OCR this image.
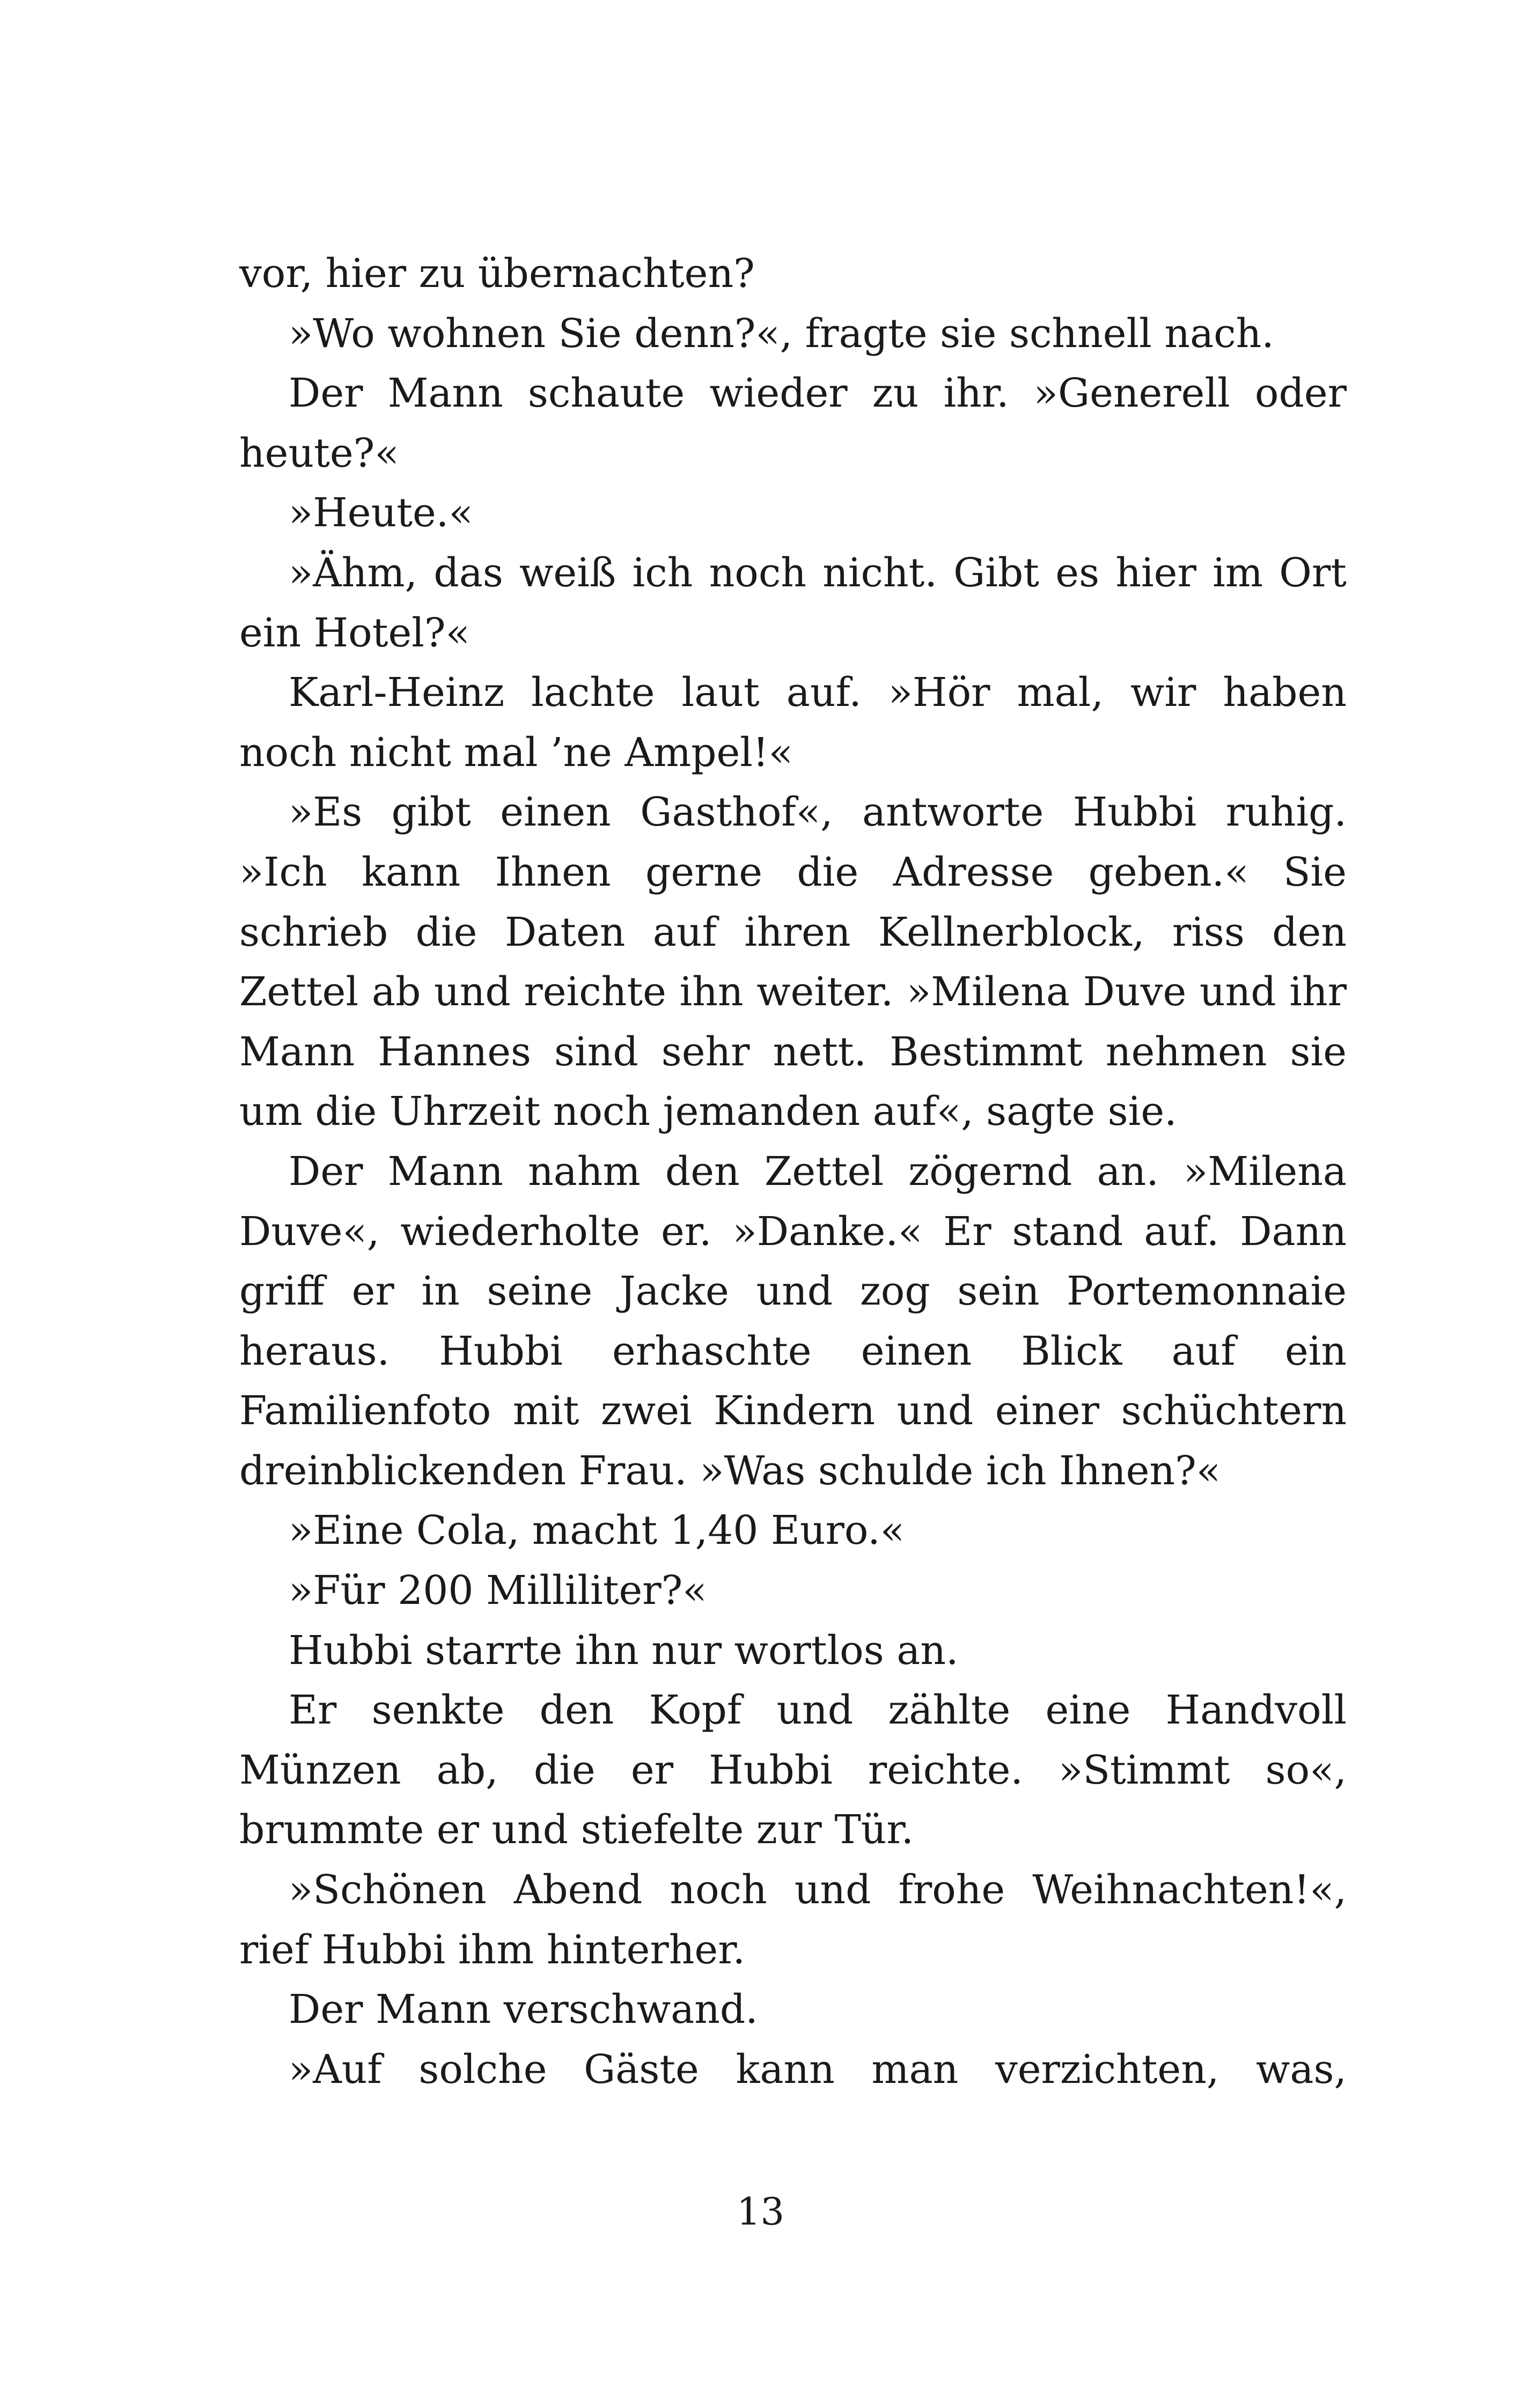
vor, hier zu übernachten?

»Wo wohnen Sie denn?«, fragte sie schnell nach.

Der Mann schaute wieder zu ihr. »Generell oder heute?«

»Heute.«

»Ähm, das weiß ich noch nicht. Gibt es hier im Ort ein Hotel?«

Karl-Heinz lachte laut auf. »Hör mal, wir haben noch nicht mal ’ne Ampel!«

»Es gibt einen Gasthof«, antworte Hubbi ruhig. »Ich kann Ihnen gerne die Adresse geben.« Sie schrieb die Daten auf ihren Kellnerblock, riss den Zettel ab und reichte ihn weiter. »Milena Duve und ihr Mann Hannes sind sehr nett. Bestimmt nehmen sie um die Uhrzeit noch jemanden auf«, sagte sie.

Der Mann nahm den Zettel zögernd an. »Milena Duve«, wiederholte er. »Danke.« Er stand auf. Dann griff er in seine Jacke und zog sein Portemonnaie heraus. Hubbi erhaschte einen Blick auf ein Familienfoto mit zwei Kindern und einer schüchtern dreinblickenden Frau. »Was schulde ich Ihnen?«

»Eine Cola, macht 1,40 Euro.«

»Für 200 Milliliter?«

Hubbi starrte ihn nur wortlos an.

Er senkte den Kopf und zählte eine Handvoll Münzen ab, die er Hubbi reichte. »Stimmt so«, brummte er und stiefelte zur Tür.

»Schönen Abend noch und frohe Weihnachten!«, rief Hubbi ihm hinterher.

Der Mann verschwand.

»Auf solche Gäste kann man verzichten, was,

13
